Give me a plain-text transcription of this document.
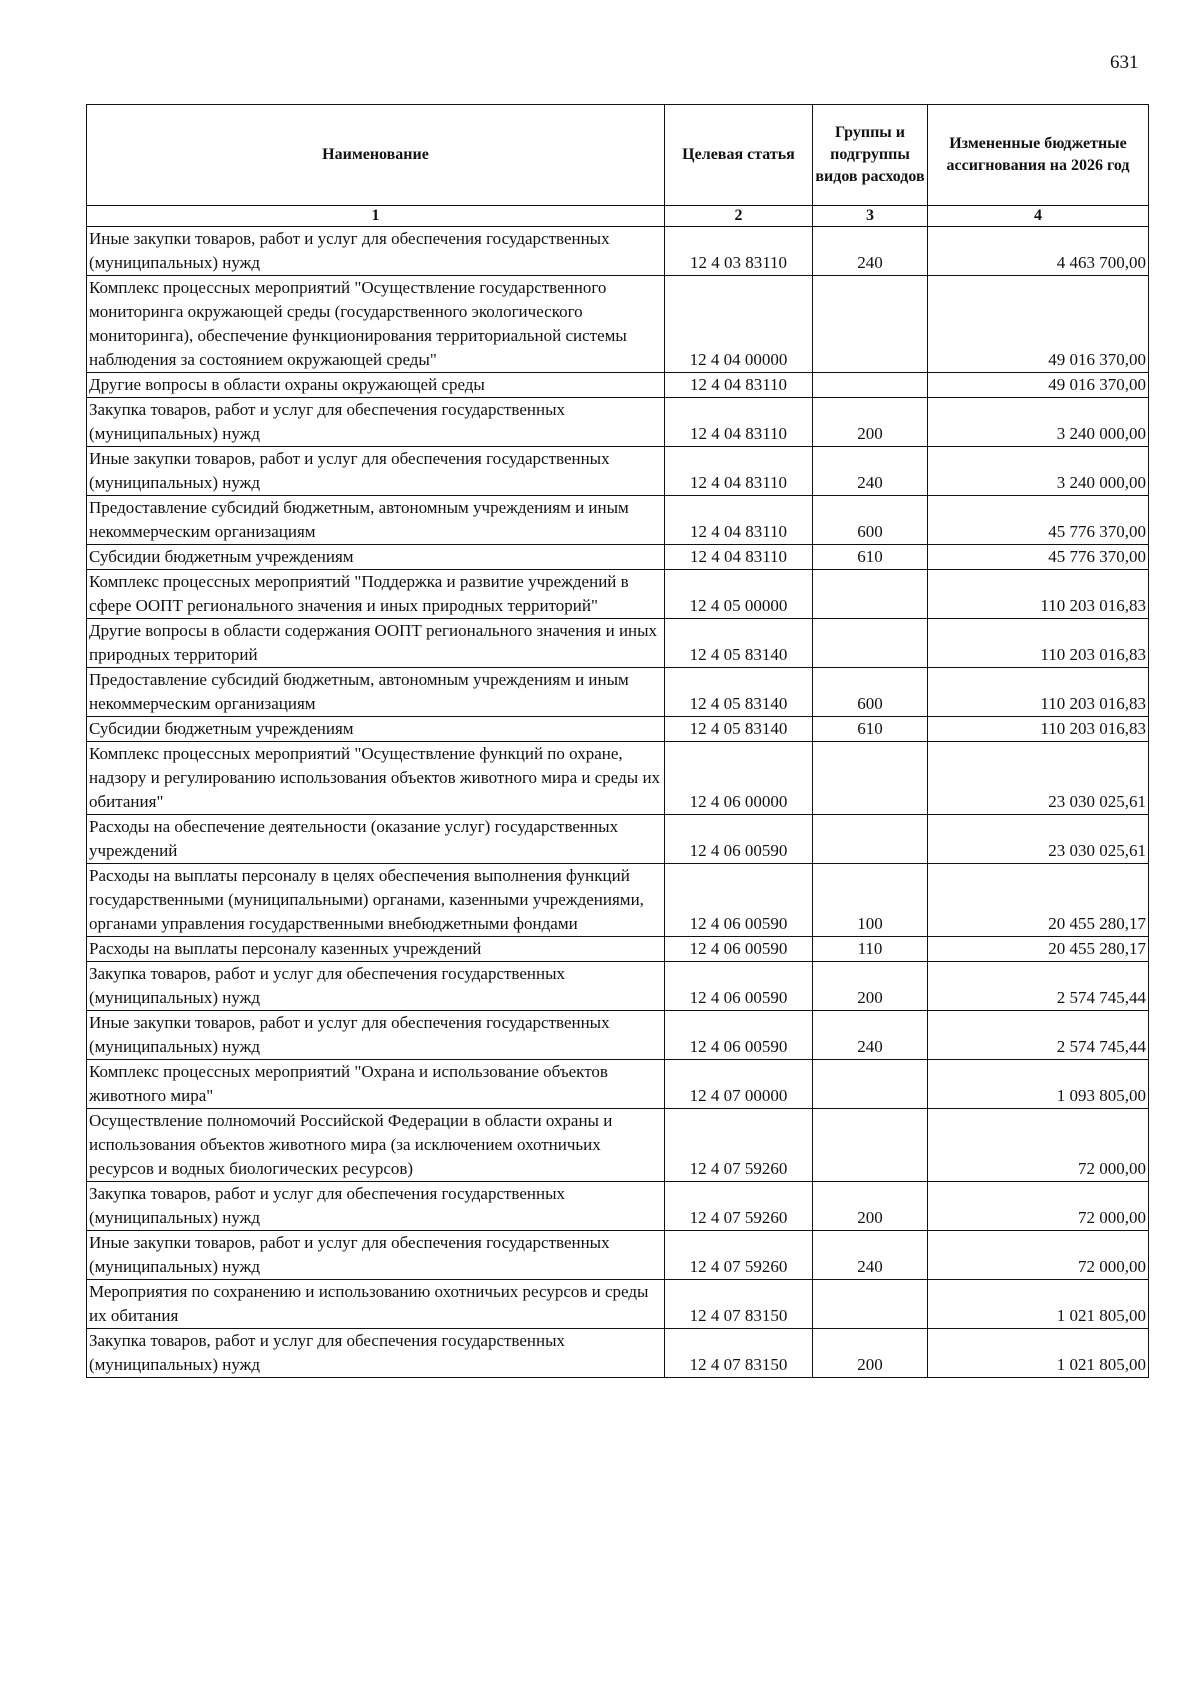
631
Наименование	Целевая статья	Группы и подгруппы видов расходов	Измененные бюджетные ассигнования на 2026 год
1	2	3	4
Иные закупки товаров, работ и услуг для обеспечения государственных (муниципальных) нужд	12 4 03 83110	240	4 463 700,00
Комплекс процессных мероприятий "Осуществление государственного мониторинга окружающей среды (государственного экологического мониторинга), обеспечение функционирования территориальной системы наблюдения за состоянием окружающей среды"	12 4 04 00000		49 016 370,00
Другие вопросы в области охраны окружающей среды	12 4 04 83110		49 016 370,00
Закупка товаров, работ и услуг для обеспечения государственных (муниципальных) нужд	12 4 04 83110	200	3 240 000,00
Иные закупки товаров, работ и услуг для обеспечения государственных (муниципальных) нужд	12 4 04 83110	240	3 240 000,00
Предоставление субсидий бюджетным, автономным учреждениям и иным некоммерческим организациям	12 4 04 83110	600	45 776 370,00
Субсидии бюджетным учреждениям	12 4 04 83110	610	45 776 370,00
Комплекс процессных мероприятий "Поддержка и развитие учреждений в сфере ООПТ регионального значения и иных природных территорий"	12 4 05 00000		110 203 016,83
Другие вопросы в области содержания ООПТ регионального значения и иных природных территорий	12 4 05 83140		110 203 016,83
Предоставление субсидий бюджетным, автономным учреждениям и иным некоммерческим организациям	12 4 05 83140	600	110 203 016,83
Субсидии бюджетным учреждениям	12 4 05 83140	610	110 203 016,83
Комплекс процессных мероприятий "Осуществление функций по охране, надзору и регулированию использования объектов животного мира и среды их обитания"	12 4 06 00000		23 030 025,61
Расходы на обеспечение деятельности (оказание услуг) государственных учреждений	12 4 06 00590		23 030 025,61
Расходы на выплаты персоналу в целях обеспечения выполнения функций государственными (муниципальными) органами, казенными учреждениями, органами управления государственными внебюджетными фондами	12 4 06 00590	100	20 455 280,17
Расходы на выплаты персоналу казенных учреждений	12 4 06 00590	110	20 455 280,17
Закупка товаров, работ и услуг для обеспечения государственных (муниципальных) нужд	12 4 06 00590	200	2 574 745,44
Иные закупки товаров, работ и услуг для обеспечения государственных (муниципальных) нужд	12 4 06 00590	240	2 574 745,44
Комплекс процессных мероприятий "Охрана и использование объектов животного мира"	12 4 07 00000		1 093 805,00
Осуществление полномочий Российской Федерации в области охраны и использования объектов животного мира (за исключением охотничьих ресурсов и водных биологических ресурсов)	12 4 07 59260		72 000,00
Закупка товаров, работ и услуг для обеспечения государственных (муниципальных) нужд	12 4 07 59260	200	72 000,00
Иные закупки товаров, работ и услуг для обеспечения государственных (муниципальных) нужд	12 4 07 59260	240	72 000,00
Мероприятия по сохранению и использованию охотничьих ресурсов и среды их обитания	12 4 07 83150		1 021 805,00
Закупка товаров, работ и услуг для обеспечения государственных (муниципальных) нужд	12 4 07 83150	200	1 021 805,00
